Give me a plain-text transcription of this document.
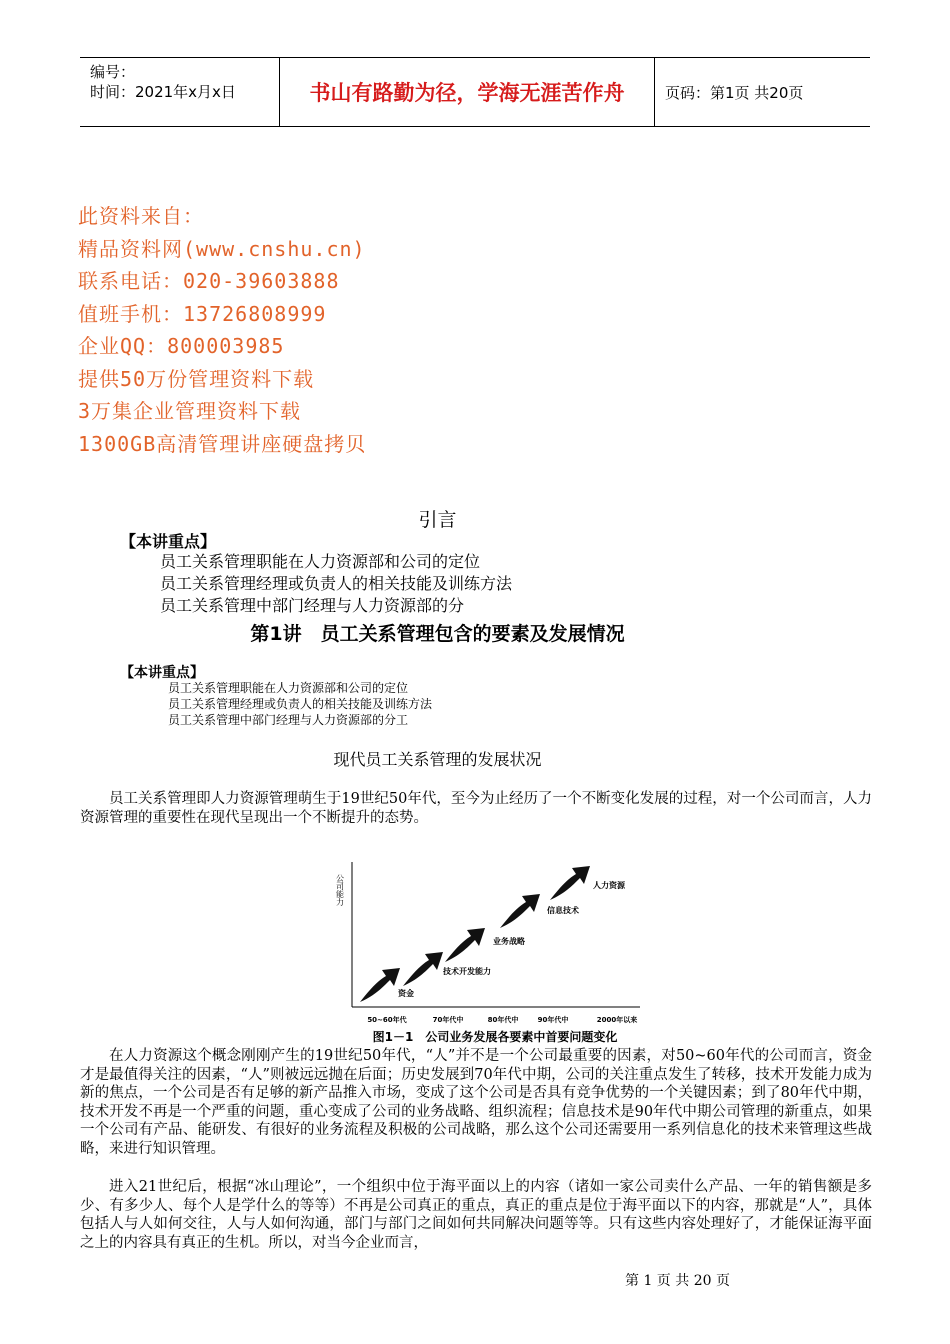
编号：
时间：2021年x月x日	书山有路勤为径，学海无涯苦作舟	页码：第1页 共20页
此资料来自：
精品资料网(www.cnshu.cn)
联系电话：020-39603888
值班手机：13726808999
企业QQ：800003985
提供50万份管理资料下载
3万集企业管理资料下载
1300GB高清管理讲座硬盘拷贝
引言
【本讲重点】
员工关系管理职能在人力资源部和公司的定位
员工关系管理经理或负责人的相关技能及训练方法
员工关系管理中部门经理与人力资源部的分
第1讲　员工关系管理包含的要素及发展情况
【本讲重点】
员工关系管理职能在人力资源部和公司的定位
员工关系管理经理或负责人的相关技能及训练方法
员工关系管理中部门经理与人力资源部的分工
现代员工关系管理的发展状况
员工关系管理即人力资源管理萌生于19世纪50年代，至今为止经历了一个不断变化发展的过程，对一个公司而言，人力资源管理的重要性在现代呈现出一个不断提升的态势。
公司能力
资金
技术开发能力
业务战略
信息技术
人力资源
50~60年代	70年代中	80年代中	90年代中	2000年以来
图1－1　公司业务发展各要素中首要问题变化
在人力资源这个概念刚刚产生的19世纪50年代，“人”并不是一个公司最重要的因素，对50~60年代的公司而言，资金才是最值得关注的因素，“人”则被远远抛在后面；历史发展到70年代中期，公司的关注重点发生了转移，技术开发能力成为新的焦点，一个公司是否有足够的新产品推入市场，变成了这个公司是否具有竞争优势的一个关键因素；到了80年代中期，技术开发不再是一个严重的问题，重心变成了公司的业务战略、组织流程；信息技术是90年代中期公司管理的新重点，如果一个公司有产品、能研发、有很好的业务流程及积极的公司战略，那么这个公司还需要用一系列信息化的技术来管理这些战略，来进行知识管理。
进入21世纪后，根据“冰山理论”，一个组织中位于海平面以上的内容（诸如一家公司卖什么产品、一年的销售额是多少、有多少人、每个人是学什么的等等）不再是公司真正的重点，真正的重点是位于海平面以下的内容，那就是“人”，具体包括人与人如何交往，人与人如何沟通，部门与部门之间如何共同解决问题等等。只有这些内容处理好了，才能保证海平面之上的内容具有真正的生机。所以，对当今企业而言，
第 1 页 共 20 页
